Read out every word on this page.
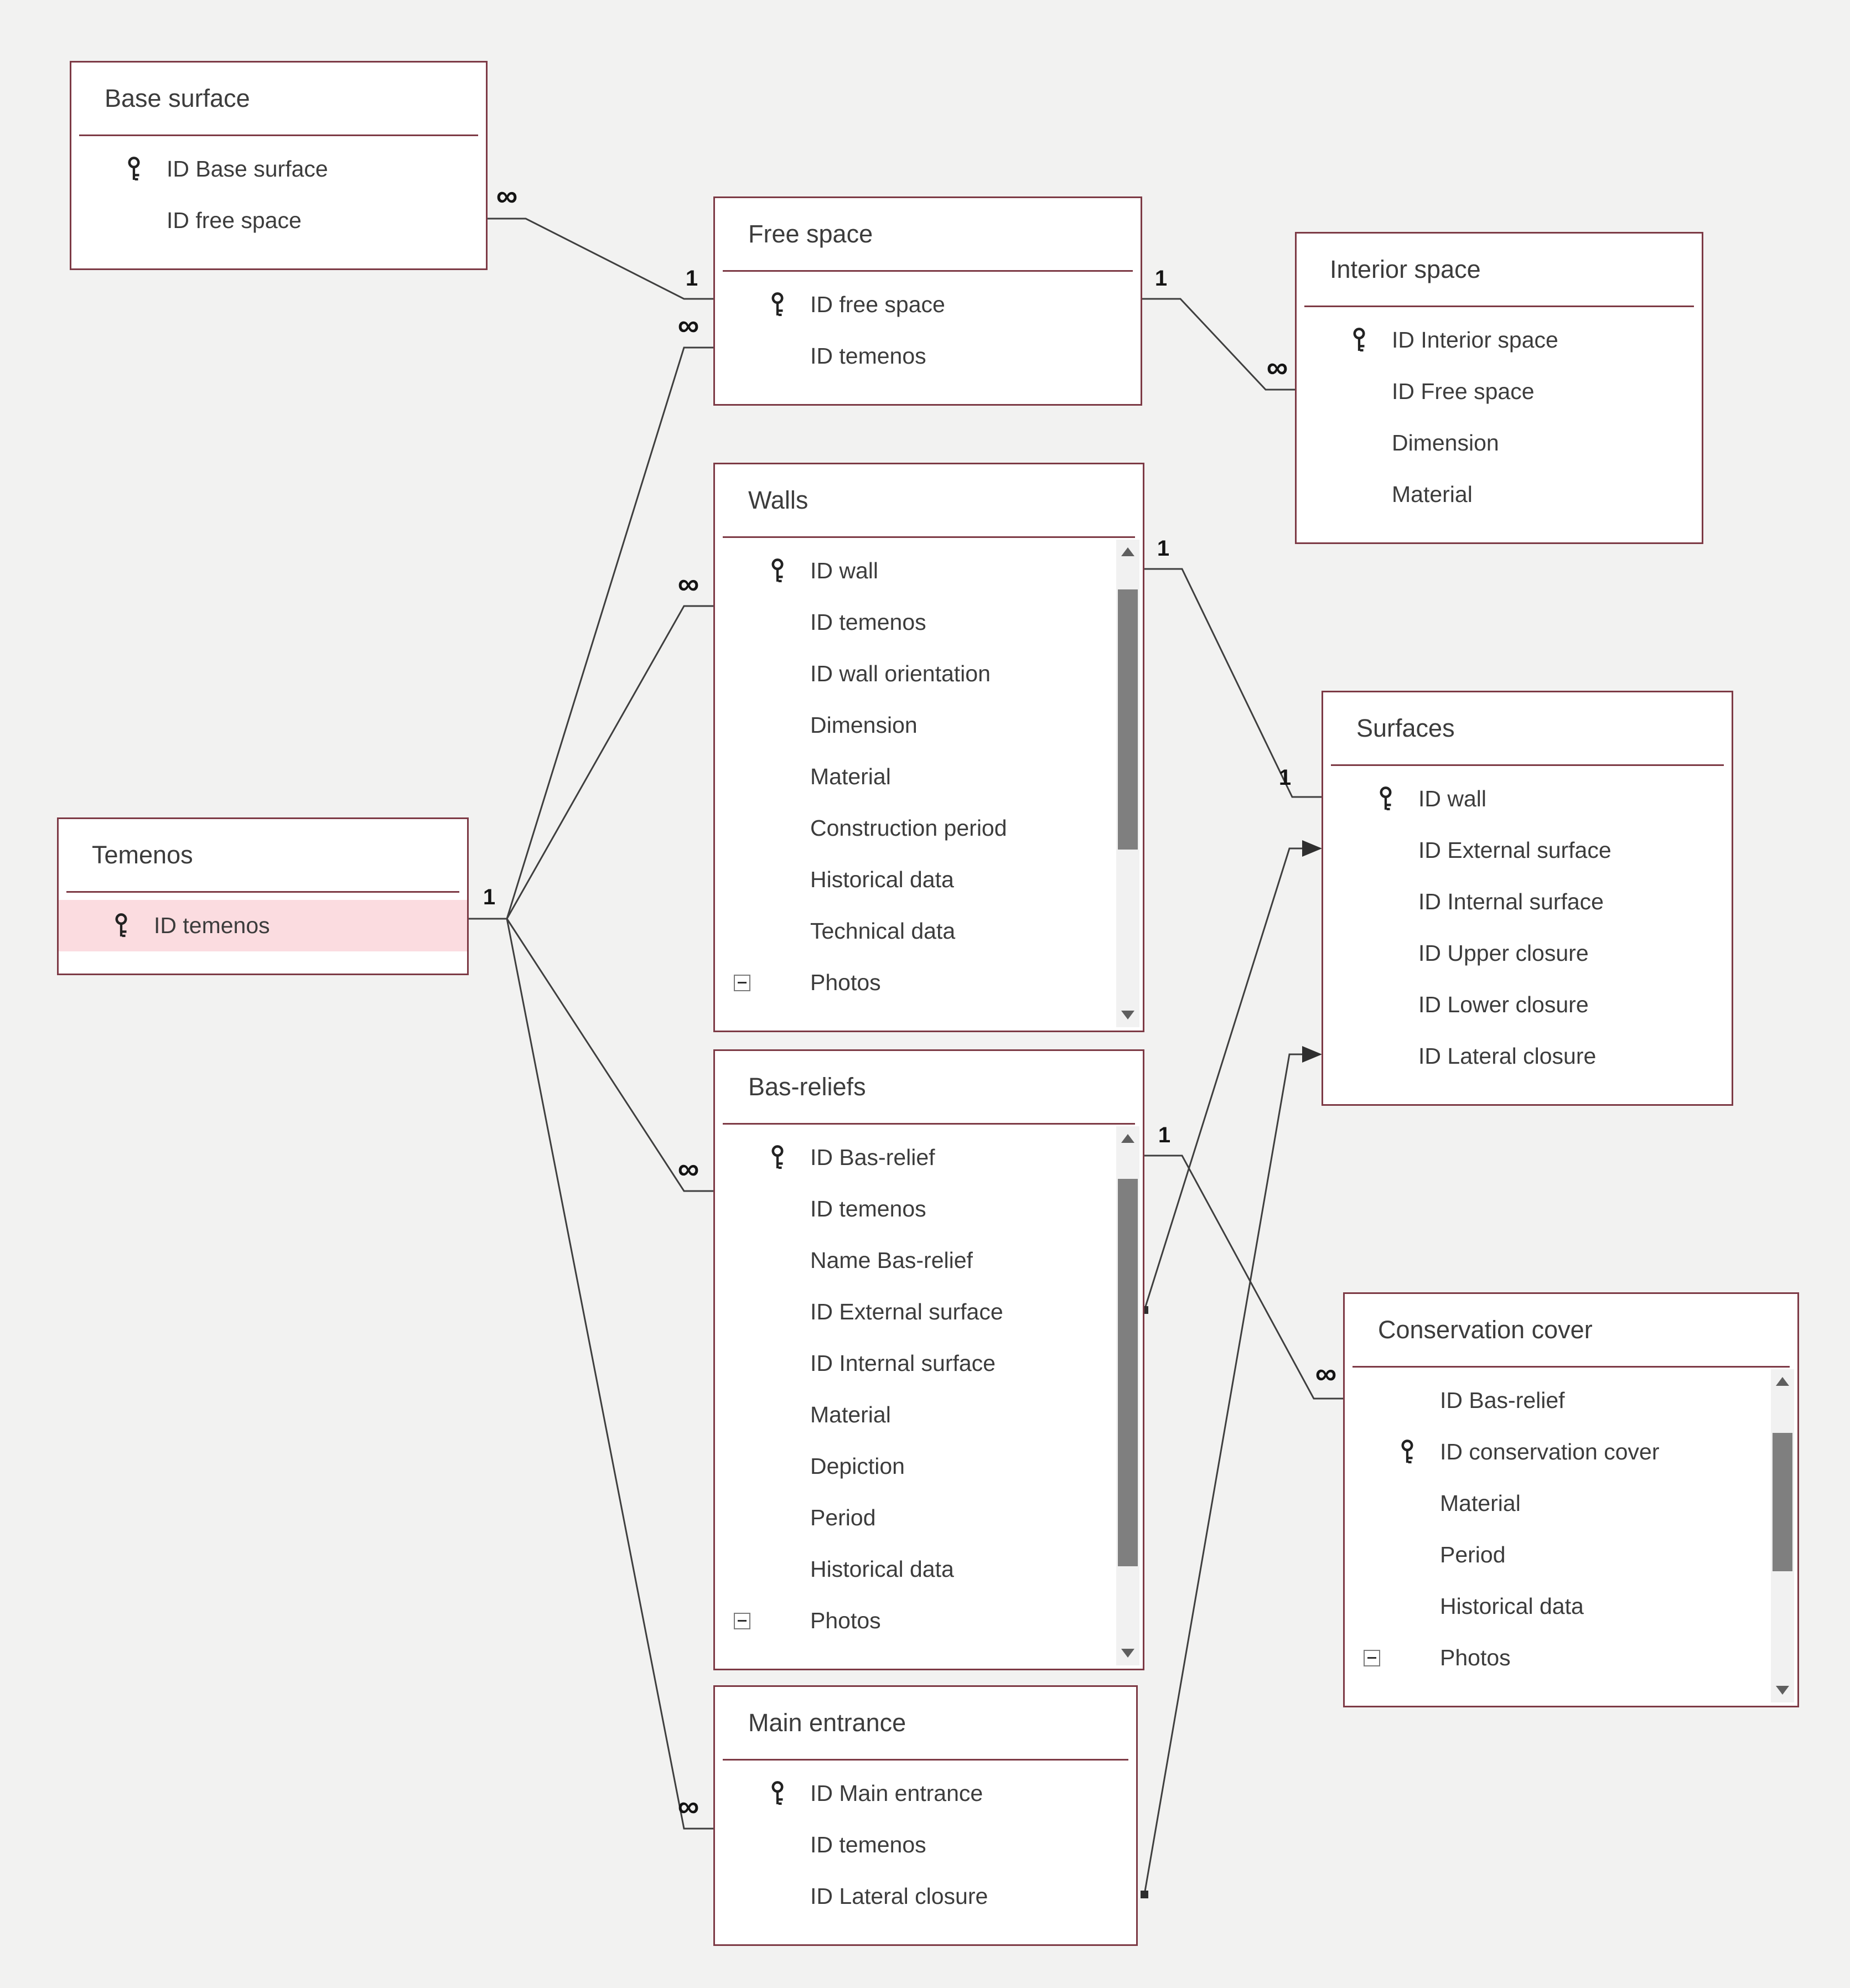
∞
1	1
∞
1
∞
∞
∞
∞
1
1
1
∞
Base surface
ID Base surface
ID free space	Free space
ID free space
ID temenos
Interior space
ID Interior space
ID Free space
Dimension
Material
Walls
ID wall
ID temenos
ID wall orientation
Dimension
Material
Construction period
Historical data
Technical data
Photos
Temenos
ID temenos
Surfaces
ID wall
ID External surface
ID Internal surface
ID Upper closure
ID Lower closure
ID Lateral closure
Bas-reliefs
ID Bas-relief
ID temenos
Name Bas-relief
ID External surface
ID Internal surface
Material
Depiction
Period
Historical data
Photos
Conservation cover
ID Bas-relief
ID conservation cover
Material
Period
Historical data
Photos
Main entrance
ID Main entrance
ID temenos
ID Lateral closure
